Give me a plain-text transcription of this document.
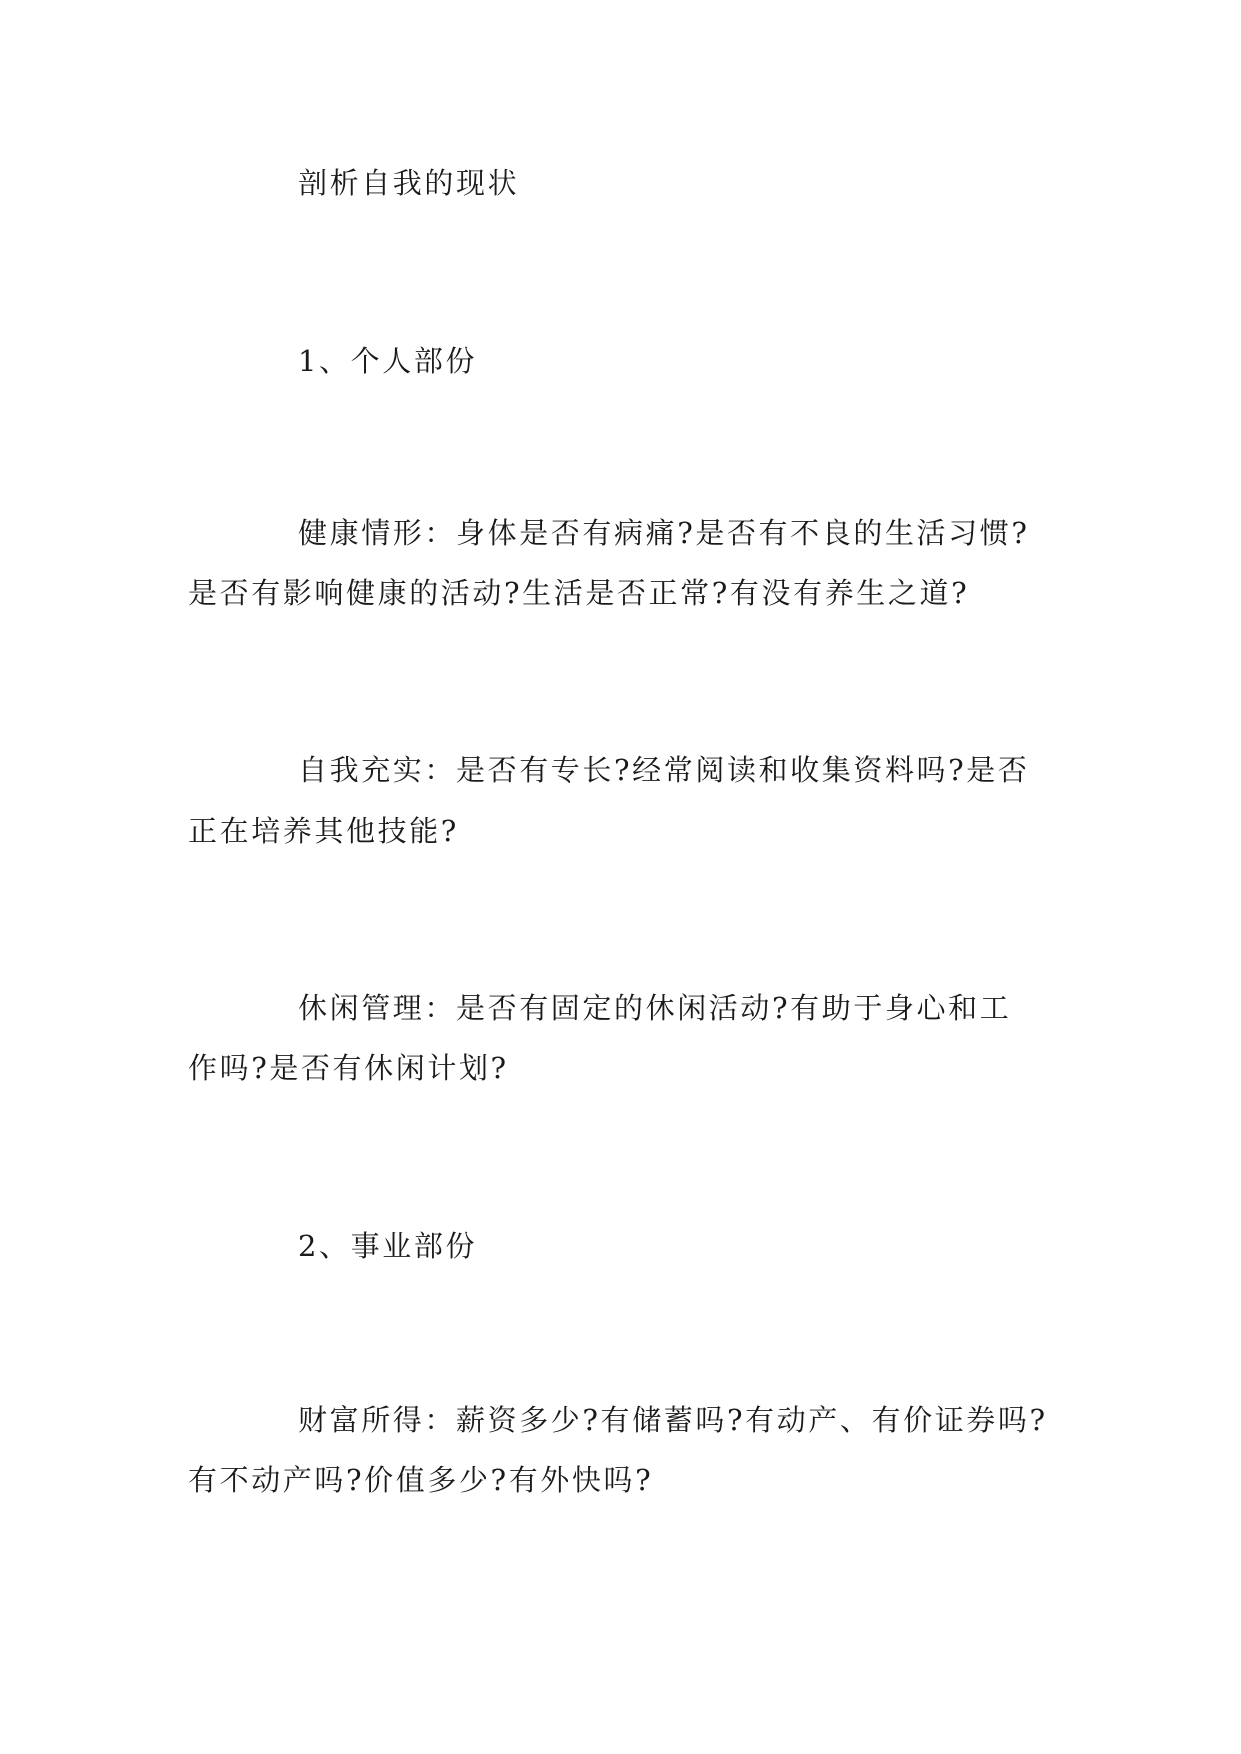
剖析自我的现状
1、个人部份
健康情形：身体是否有病痛?是否有不良的生活习惯?
是否有影响健康的活动?生活是否正常?有没有养生之道?
自我充实：是否有专长?经常阅读和收集资料吗?是否
正在培养其他技能?
休闲管理：是否有固定的休闲活动?有助于身心和工
作吗?是否有休闲计划?
2、事业部份
财富所得：薪资多少?有储蓄吗?有动产、有价证券吗?
有不动产吗?价值多少?有外快吗?
